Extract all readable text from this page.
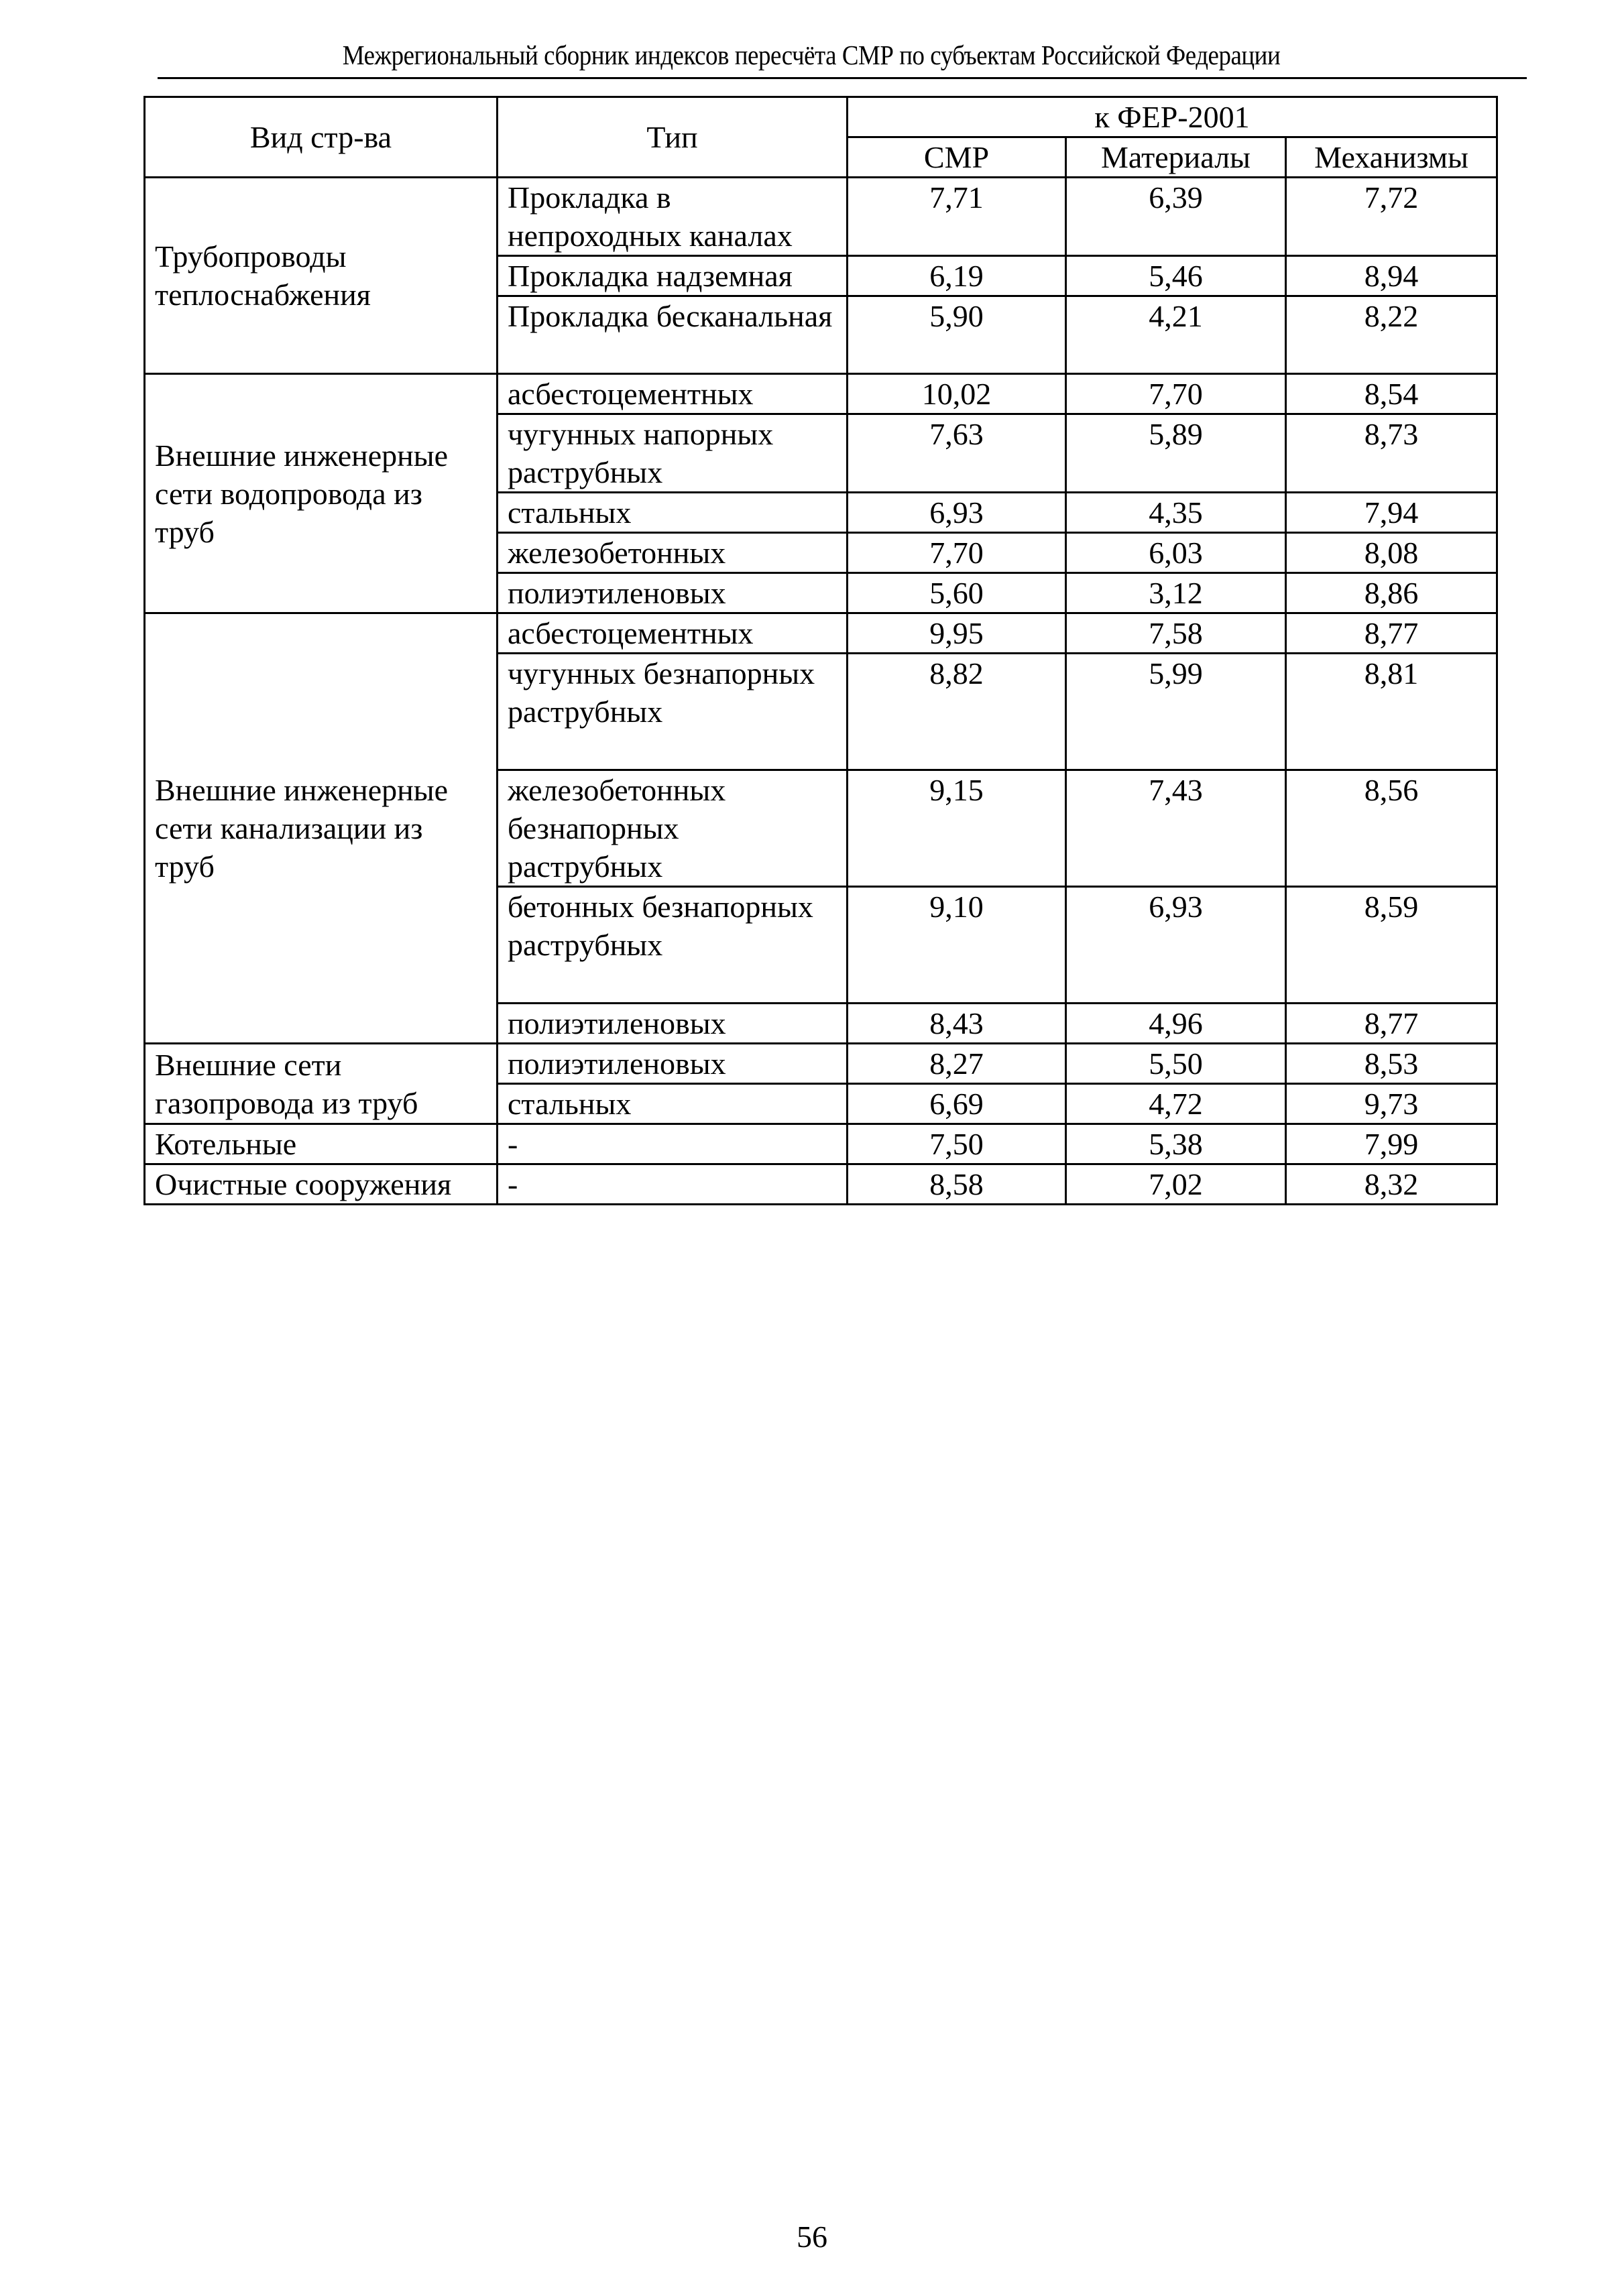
Межрегиональный сборник индексов пересчёта СМР по субъектам Российской Федерации
Вид стр-ва	Тип	к ФЕР-2001		
		СМР	Материалы	Механизмы
Трубопроводы теплоснабжения	Прокладка в непроходных каналах	7,71	6,39	7,72
	Прокладка надземная	6,19	5,46	8,94
	Прокладка бесканальная	5,90	4,21	8,22
Внешние инженерные сети водопровода из труб	асбестоцементных	10,02	7,70	8,54
	чугунных напорных раструбных	7,63	5,89	8,73
	стальных	6,93	4,35	7,94
	железобетонных	7,70	6,03	8,08
	полиэтиленовых	5,60	3,12	8,86
Внешние инженерные сети канализации из труб	асбестоцементных	9,95	7,58	8,77
	чугунных безнапорных раструбных	8,82	5,99	8,81
	железобетонных безнапорных раструбных	9,15	7,43	8,56
	бетонных безнапорных раструбных	9,10	6,93	8,59
	полиэтиленовых	8,43	4,96	8,77
Внешние сети газопровода из труб	полиэтиленовых	8,27	5,50	8,53
	стальных	6,69	4,72	9,73
Котельные	-	7,50	5,38	7,99
Очистные сооружения	-	8,58	7,02	8,32
56
